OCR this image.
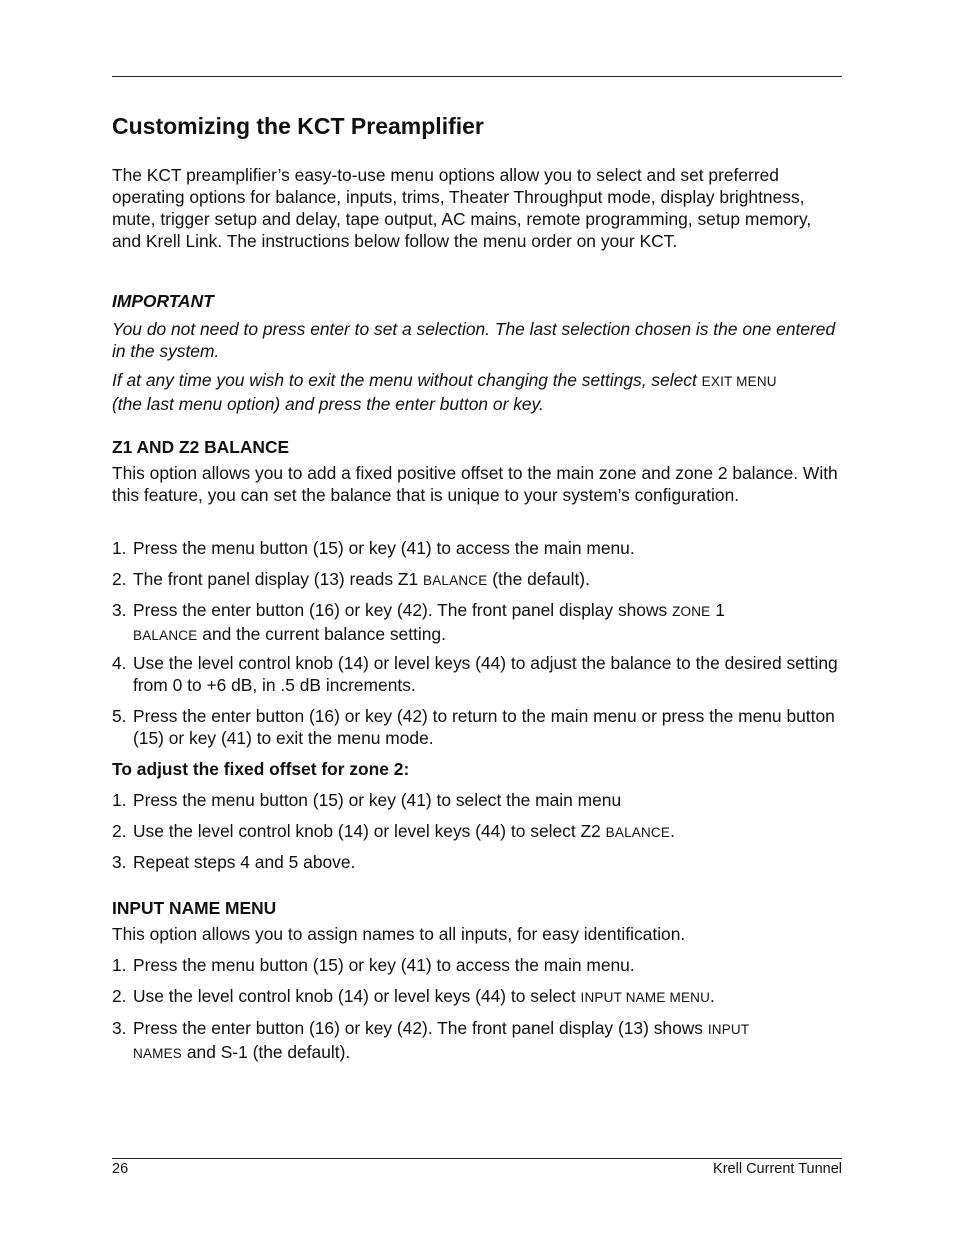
Customizing the KCT Preamplifier
The KCT preamplifier’s easy-to-use menu options allow you to select and set preferred operating options for balance, inputs, trims, Theater Throughput mode, display brightness, mute, trigger setup and delay, tape output, AC mains, remote programming, setup memory, and Krell Link. The instructions below follow the menu order on your KCT.
IMPORTANT
You do not need to press enter to set a selection. The last selection chosen is the one entered in the system.
If at any time you wish to exit the menu without changing the settings, select EXIT MENU
(the last menu option) and press the enter button or key.
Z1 AND Z2 BALANCE
This option allows you to add a fixed positive offset to the main zone and zone 2 balance. With this feature, you can set the balance that is unique to your system’s configuration.
1. Press the menu button (15) or key (41) to access the main menu.
2. The front panel display (13) reads Z1 BALANCE (the default).
3. Press the enter button (16) or key (42). The front panel display shows ZONE 1
BALANCE and the current balance setting.
4. Use the level control knob (14) or level keys (44) to adjust the balance to the desired setting from 0 to +6 dB, in .5 dB increments.
5. Press the enter button (16) or key (42) to return to the main menu or press the menu button (15) or key (41) to exit the menu mode.
To adjust the fixed offset for zone 2:
1. Press the menu button (15) or key (41) to select the main menu
2. Use the level control knob (14) or level keys (44) to select Z2 BALANCE.
3. Repeat steps 4 and 5 above.
INPUT NAME MENU
This option allows you to assign names to all inputs, for easy identification.
1. Press the menu button (15) or key (41) to access the main menu.
2. Use the level control knob (14) or level keys (44) to select INPUT NAME MENU.
3. Press the enter button (16) or key (42). The front panel display (13) shows INPUT
NAMES and S-1 (the default).
26	Krell Current Tunnel
